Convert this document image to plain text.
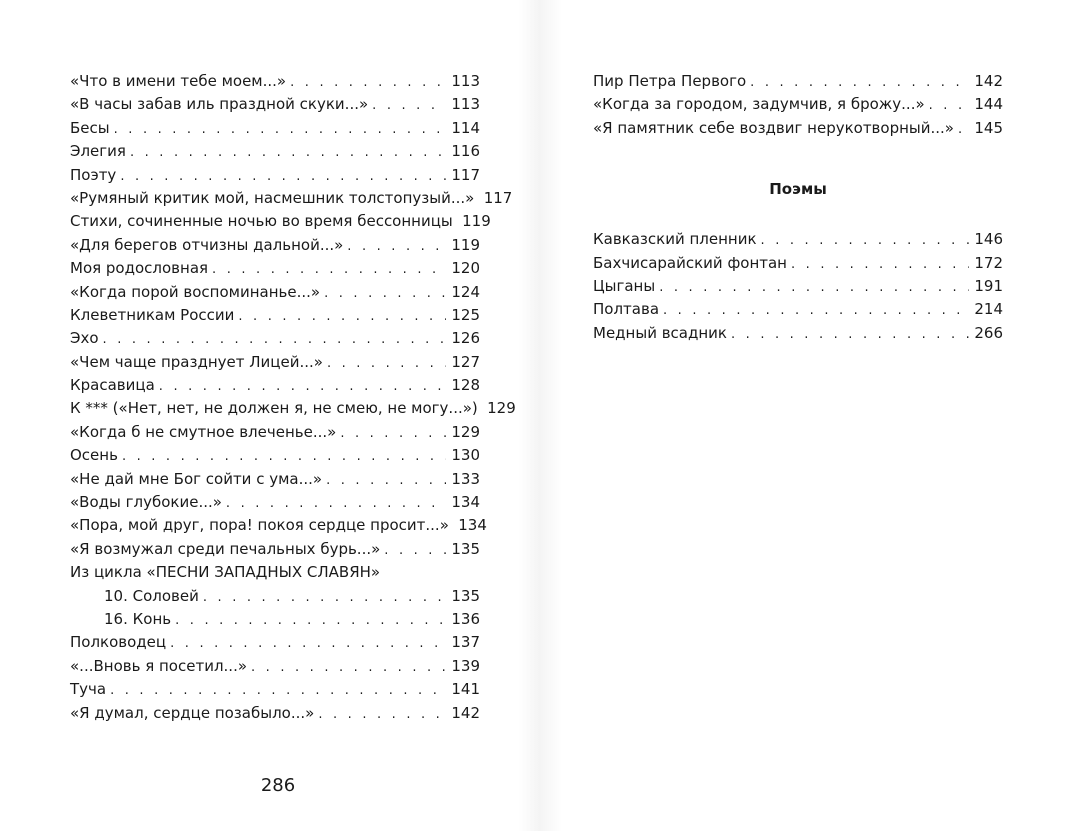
«Что в имени тебе моем...» . . .	113
«В часы забав иль праздной скуки...» . . .	113
Бесы . . .	114
Элегия . . .	116
Поэту . . .	117
«Румяный критик мой, насмешник толстопузый...» 117
Стихи, сочиненные ночью во время бессонницы 119
«Для берегов отчизны дальной...» . . .	119
Моя родословная . . .	120
«Когда порой воспоминанье...» . . .	124
Клеветникам России . . .	125
Эхо . . .	126
«Чем чаще празднует Лицей...» . . .	127
Красавица . . .	128
К *** («Нет, нет, не должен я, не смею, не могу...») 129
«Когда б не смутное влеченье...» . . .	129
Осень . . .	130
«Не дай мне Бог сойти с ума...» . . .	133
«Воды глубокие...» . . .	134
«Пора, мой друг, пора! покоя сердце просит...» 134
«Я возмужал среди печальных бурь...» . . .	135
Из цикла «ПЕСНИ ЗАПАДНЫХ СЛАВЯН»
10. Соловей . . .	135
16. Конь . . .	136
Полководец . . .	137
«...Вновь я посетил...» . . .	139
Туча . . .	141
«Я думал, сердце позабыло...» . . .	142
286
Пир Петра Первого . . .	142
«Когда за городом, задумчив, я брожу...» . . .	144
«Я памятник себе воздвиг нерукотворный...» . . .	145
Поэмы
Кавказский пленник . . .	146
Бахчисарайский фонтан . . .	172
Цыганы . . .	191
Полтава . . .	214
Медный всадник . . .	266
